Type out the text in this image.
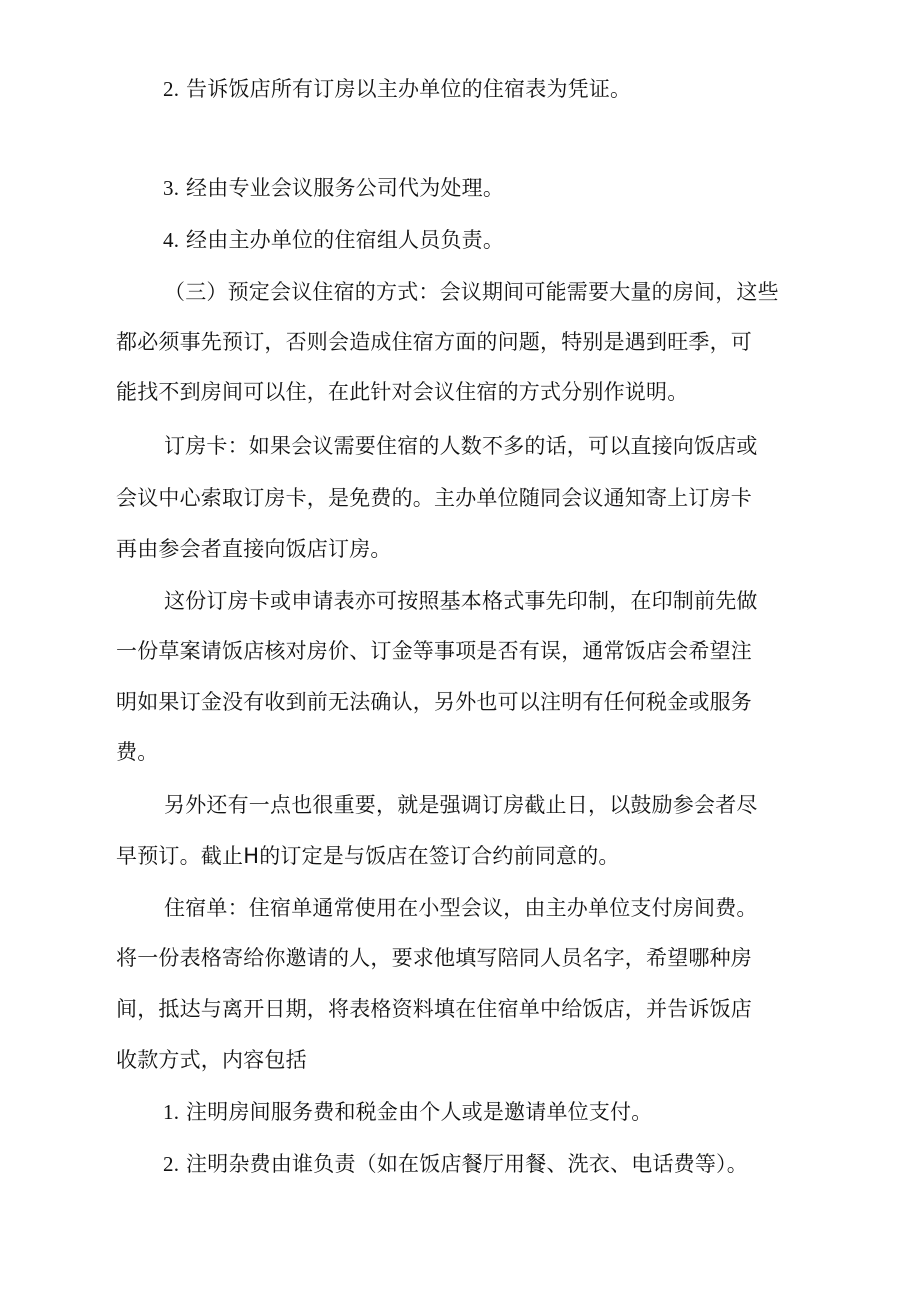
2. 告诉饭店所有订房以主办单位的住宿表为凭证。
3. 经由专业会议服务公司代为处理。
4. 经由主办单位的住宿组人员负责。
（三）预定会议住宿的方式：会议期间可能需要大量的房间，这些
都必须事先预订，否则会造成住宿方面的问题，特别是遇到旺季，可
能找不到房间可以住，在此针对会议住宿的方式分别作说明。
订房卡：如果会议需要住宿的人数不多的话，可以直接向饭店或
会议中心索取订房卡，是免费的。主办单位随同会议通知寄上订房卡
再由参会者直接向饭店订房。
这份订房卡或申请表亦可按照基本格式事先印制，在印制前先做
一份草案请饭店核对房价、订金等事项是否有误，通常饭店会希望注
明如果订金没有收到前无法确认，另外也可以注明有任何税金或服务
费。
另外还有一点也很重要，就是强调订房截止日，以鼓励参会者尽
早预订。截止H的订定是与饭店在签订合约前同意的。
住宿单：住宿单通常使用在小型会议，由主办单位支付房间费。
将一份表格寄给你邀请的人，要求他填写陪同人员名字，希望哪种房
间，抵达与离开日期，将表格资料填在住宿单中给饭店，并告诉饭店
收款方式，内容包括
1. 注明房间服务费和税金由个人或是邀请单位支付。
2. 注明杂费由谁负责（如在饭店餐厅用餐、洗衣、电话费等）。
